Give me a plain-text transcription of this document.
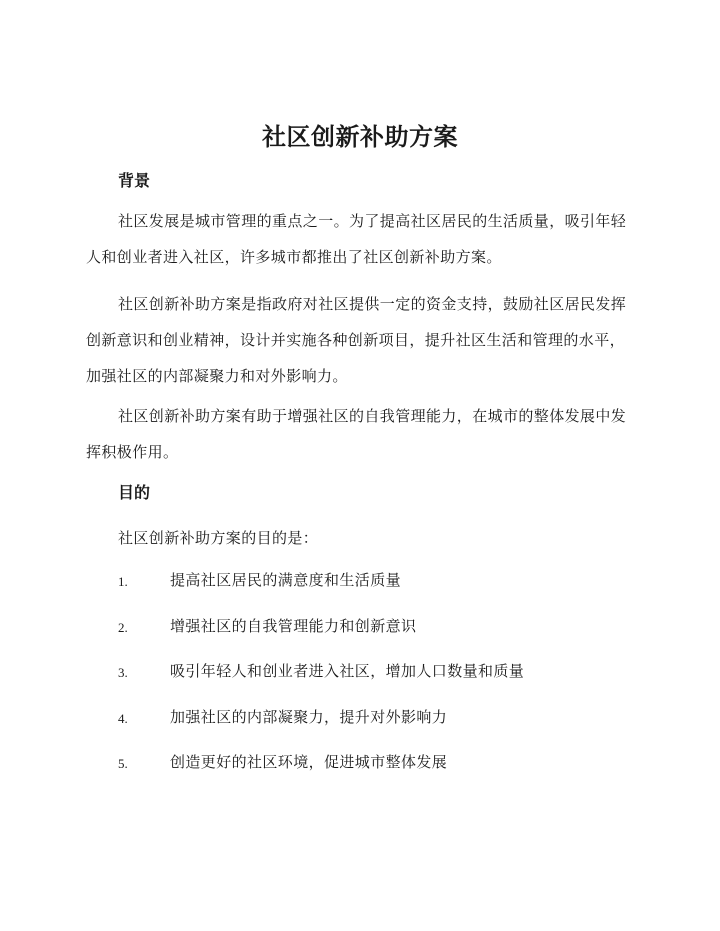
社区创新补助方案
背景

社区发展是城市管理的重点之一。为了提高社区居民的生活质量，吸引年轻人和创业者进入社区，许多城市都推出了社区创新补助方案。

社区创新补助方案是指政府对社区提供一定的资金支持，鼓励社区居民发挥创新意识和创业精神，设计并实施各种创新项目，提升社区生活和管理的水平，加强社区的内部凝聚力和对外影响力。

社区创新补助方案有助于增强社区的自我管理能力，在城市的整体发展中发挥积极作用。

目的

社区创新补助方案的目的是：

1.	提高社区居民的满意度和生活质量
2.	增强社区的自我管理能力和创新意识
3.	吸引年轻人和创业者进入社区，增加人口数量和质量
4.	加强社区的内部凝聚力，提升对外影响力
5.	创造更好的社区环境，促进城市整体发展
